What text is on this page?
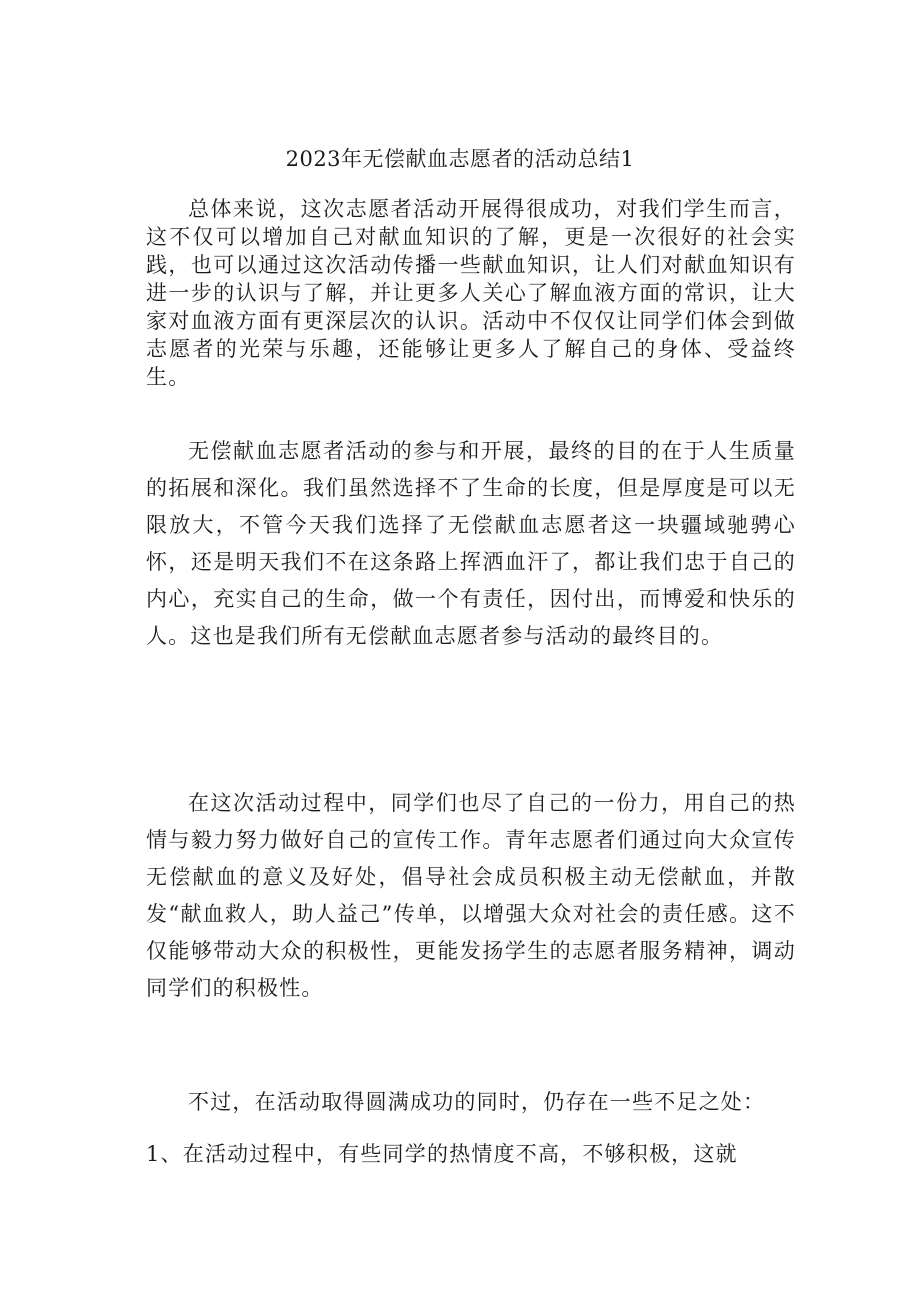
2023年无偿献血志愿者的活动总结1

总体来说，这次志愿者活动开展得很成功，对我们学生而言，这不仅可以增加自己对献血知识的了解，更是一次很好的社会实践，也可以通过这次活动传播一些献血知识，让人们对献血知识有进一步的认识与了解，并让更多人关心了解血液方面的常识，让大家对血液方面有更深层次的认识。活动中不仅仅让同学们体会到做志愿者的光荣与乐趣，还能够让更多人了解自己的身体、受益终生。

无偿献血志愿者活动的参与和开展，最终的目的在于人生质量的拓展和深化。我们虽然选择不了生命的长度，但是厚度是可以无限放大，不管今天我们选择了无偿献血志愿者这一块疆域驰骋心怀，还是明天我们不在这条路上挥洒血汗了，都让我们忠于自己的内心，充实自己的生命，做一个有责任，因付出，而博爱和快乐的人。这也是我们所有无偿献血志愿者参与活动的最终目的。

在这次活动过程中，同学们也尽了自己的一份力，用自己的热情与毅力努力做好自己的宣传工作。青年志愿者们通过向大众宣传无偿献血的意义及好处，倡导社会成员积极主动无偿献血，并散发“献血救人，助人益己”传单，以增强大众对社会的责任感。这不仅能够带动大众的积极性，更能发扬学生的志愿者服务精神，调动同学们的积极性。

不过，在活动取得圆满成功的同时，仍存在一些不足之处：

1、在活动过程中，有些同学的热情度不高，不够积极，这就
